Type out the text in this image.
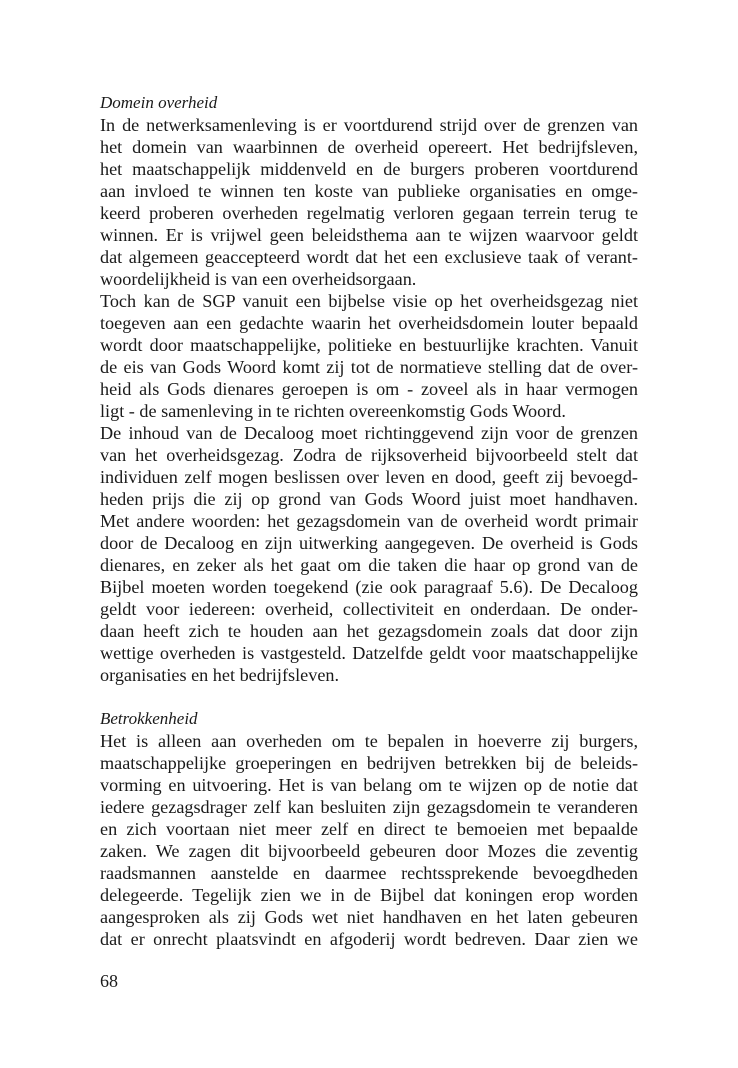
Domein overheid
In de netwerksamenleving is er voortdurend strijd over de grenzen van
het domein van waarbinnen de overheid opereert. Het bedrijfsleven,
het maatschappelijk middenveld en de burgers proberen voortdurend
aan invloed te winnen ten koste van publieke organisaties en omge-
keerd proberen overheden regelmatig verloren gegaan terrein terug te
winnen. Er is vrijwel geen beleidsthema aan te wijzen waarvoor geldt
dat algemeen geaccepteerd wordt dat het een exclusieve taak of verant-
woordelijkheid is van een overheidsorgaan.
Toch kan de SGP vanuit een bijbelse visie op het overheidsgezag niet
toegeven aan een gedachte waarin het overheidsdomein louter bepaald
wordt door maatschappelijke, politieke en bestuurlijke krachten. Vanuit
de eis van Gods Woord komt zij tot de normatieve stelling dat de over-
heid als Gods dienares geroepen is om - zoveel als in haar vermogen
ligt - de samenleving in te richten overeenkomstig Gods Woord.
De inhoud van de Decaloog moet richtinggevend zijn voor de grenzen
van het overheidsgezag. Zodra de rijksoverheid bijvoorbeeld stelt dat
individuen zelf mogen beslissen over leven en dood, geeft zij bevoegd-
heden prijs die zij op grond van Gods Woord juist moet handhaven.
Met andere woorden: het gezagsdomein van de overheid wordt primair
door de Decaloog en zijn uitwerking aangegeven. De overheid is Gods
dienares, en zeker als het gaat om die taken die haar op grond van de
Bijbel moeten worden toegekend (zie ook paragraaf 5.6). De Decaloog
geldt voor iedereen: overheid, collectiviteit en onderdaan. De onder-
daan heeft zich te houden aan het gezagsdomein zoals dat door zijn
wettige overheden is vastgesteld. Datzelfde geldt voor maatschappelijke
organisaties en het bedrijfsleven.
Betrokkenheid
Het is alleen aan overheden om te bepalen in hoeverre zij burgers,
maatschappelijke groeperingen en bedrijven betrekken bij de beleids-
vorming en uitvoering. Het is van belang om te wijzen op de notie dat
iedere gezagsdrager zelf kan besluiten zijn gezagsdomein te veranderen
en zich voortaan niet meer zelf en direct te bemoeien met bepaalde
zaken. We zagen dit bijvoorbeeld gebeuren door Mozes die zeventig
raadsmannen aanstelde en daarmee rechtssprekende bevoegdheden
delegeerde. Tegelijk zien we in de Bijbel dat koningen erop worden
aangesproken als zij Gods wet niet handhaven en het laten gebeuren
dat er onrecht plaatsvindt en afgoderij wordt bedreven. Daar zien we
68
